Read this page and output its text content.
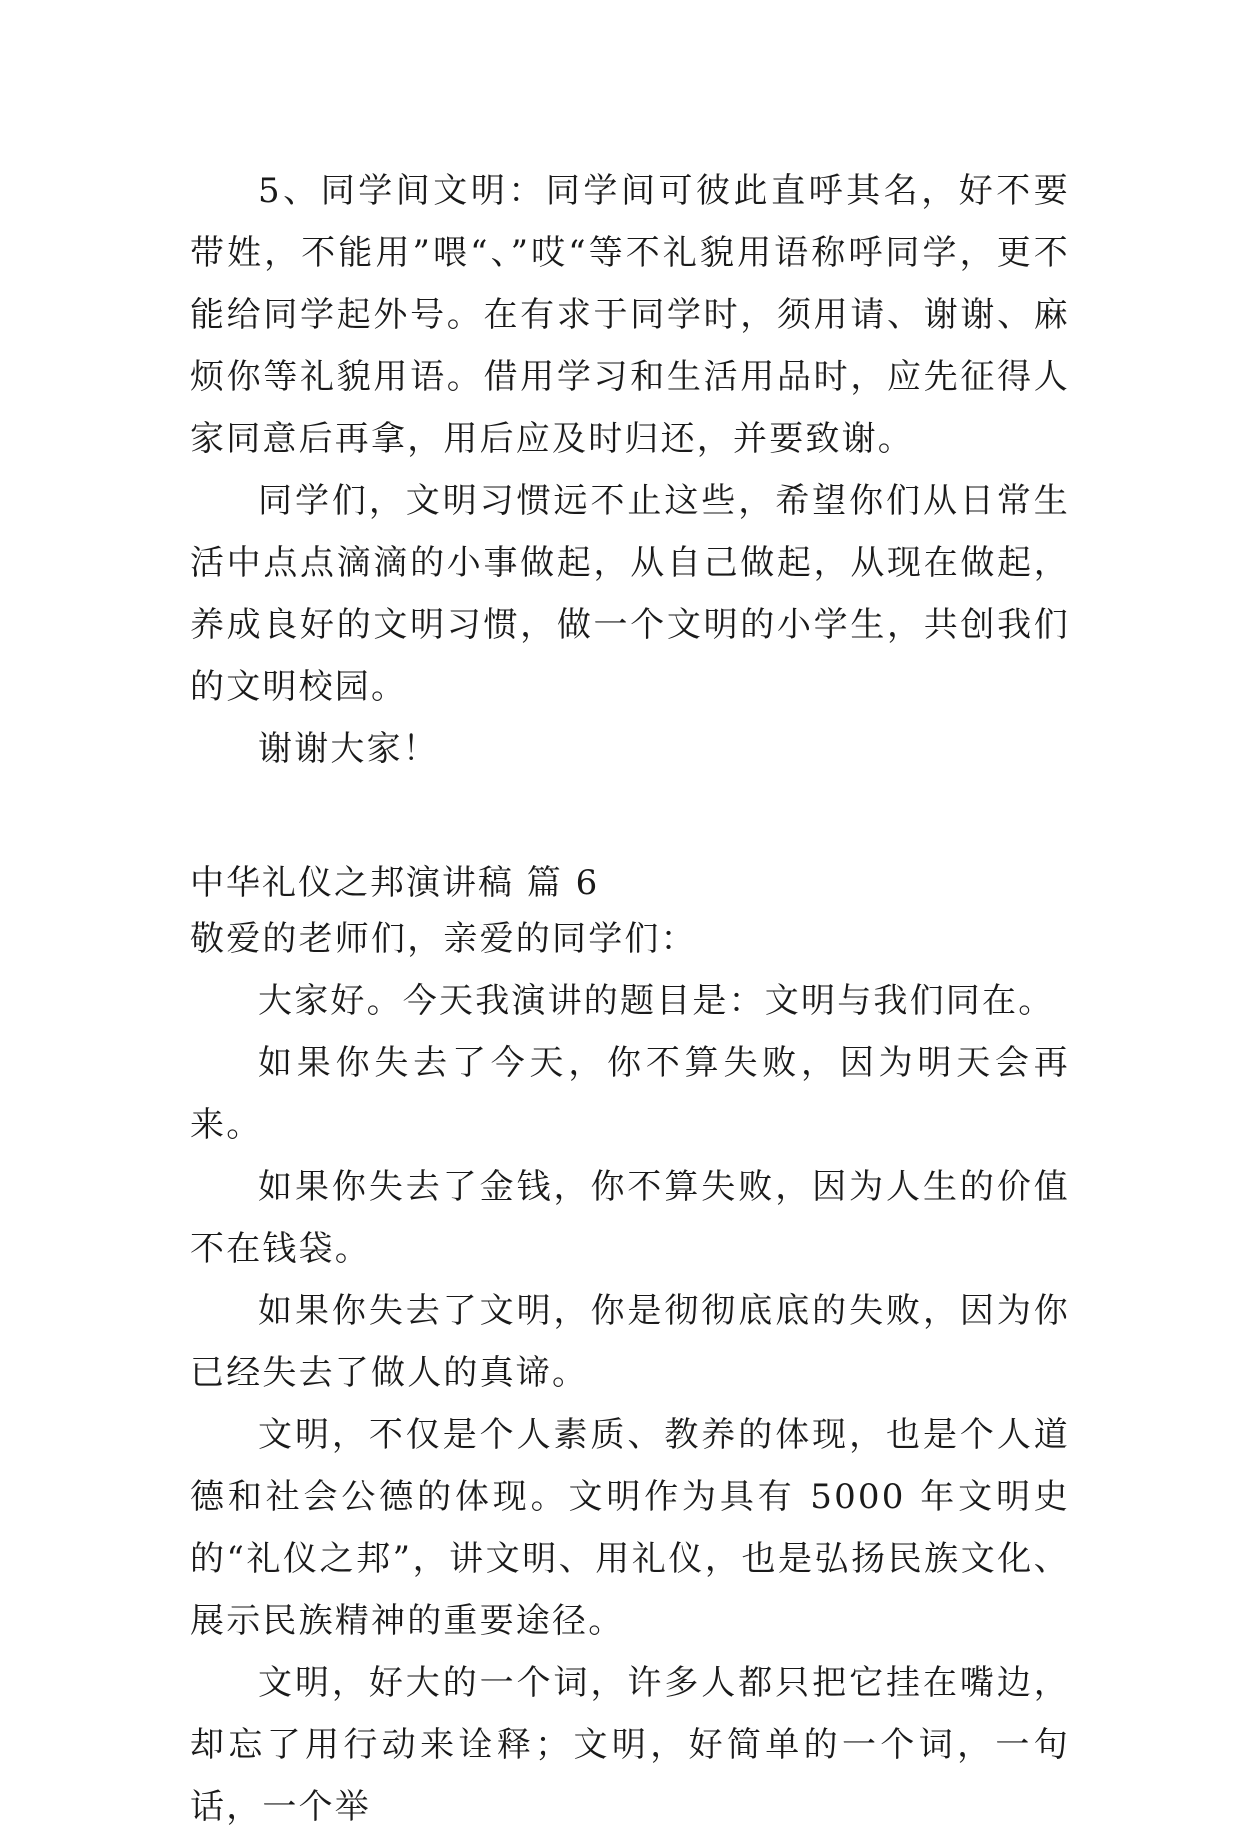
5、同学间文明：同学间可彼此直呼其名，好不要带姓，不能用”喂“、”哎“等不礼貌用语称呼同学，更不能给同学起外号。在有求于同学时，须用请、谢谢、麻烦你等礼貌用语。借用学习和生活用品时，应先征得人家同意后再拿，用后应及时归还，并要致谢。

同学们，文明习惯远不止这些，希望你们从日常生活中点点滴滴的小事做起，从自己做起，从现在做起，养成良好的文明习惯，做一个文明的小学生，共创我们的文明校园。

谢谢大家！

中华礼仪之邦演讲稿 篇 6

敬爱的老师们，亲爱的同学们：

大家好。今天我演讲的题目是：文明与我们同在。

如果你失去了今天，你不算失败，因为明天会再来。

如果你失去了金钱，你不算失败，因为人生的价值不在钱袋。

如果你失去了文明，你是彻彻底底的失败，因为你已经失去了做人的真谛。

文明，不仅是个人素质、教养的体现，也是个人道德和社会公德的体现。文明作为具有 5000 年文明史的“礼仪之邦”，讲文明、用礼仪，也是弘扬民族文化、展示民族精神的重要途径。

文明，好大的一个词，许多人都只把它挂在嘴边，却忘了用行动来诠释；文明，好简单的一个词，一句话，一个举
